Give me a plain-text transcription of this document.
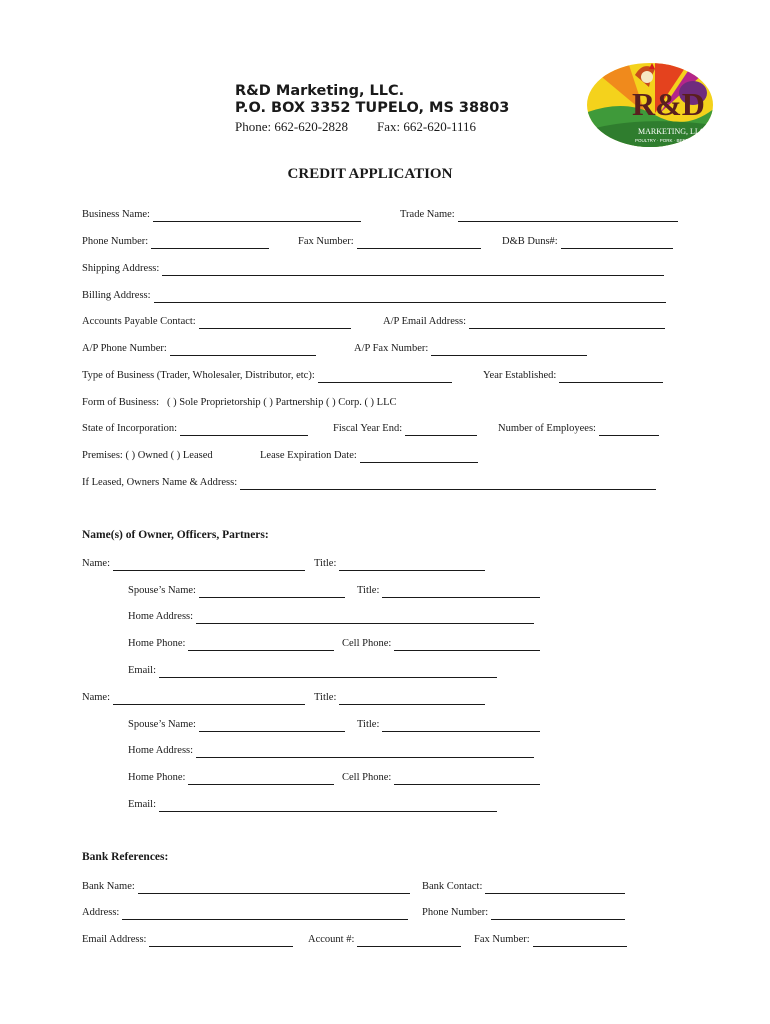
R&D Marketing, LLC.
P.O. BOX 3352 TUPELO, MS 38803
Phone: 662-620-2828 Fax: 662-620-1116
R&D
MARKETING, LLC
POULTRY · PORK · BEEF · FISH
CREDIT APPLICATION
Business Name:	Trade Name:
Phone Number:	Fax Number:	D&B Duns#:
Shipping Address:
Billing Address:
Accounts Payable Contact:	A/P Email Address:
A/P Phone Number:	A/P Fax Number:
Type of Business (Trader, Wholesaler, Distributor, etc):	Year Established:
Form of Business: ( ) Sole Proprietorship ( ) Partnership ( ) Corp. ( ) LLC
State of Incorporation:	Fiscal Year End:	Number of Employees:
Premises: ( ) Owned ( ) Leased	Lease Expiration Date:
If Leased, Owners Name & Address:
Name(s) of Owner, Officers, Partners:
Name:	Title:
Spouse’s Name:	Title:
Home Address:
Home Phone:	Cell Phone:
Email:
Name:	Title:
Spouse’s Name:	Title:
Home Address:
Home Phone:	Cell Phone:
Email:
Bank References:
Bank Name:	Bank Contact:
Address:	Phone Number:
Email Address:	Account #:	Fax Number:
